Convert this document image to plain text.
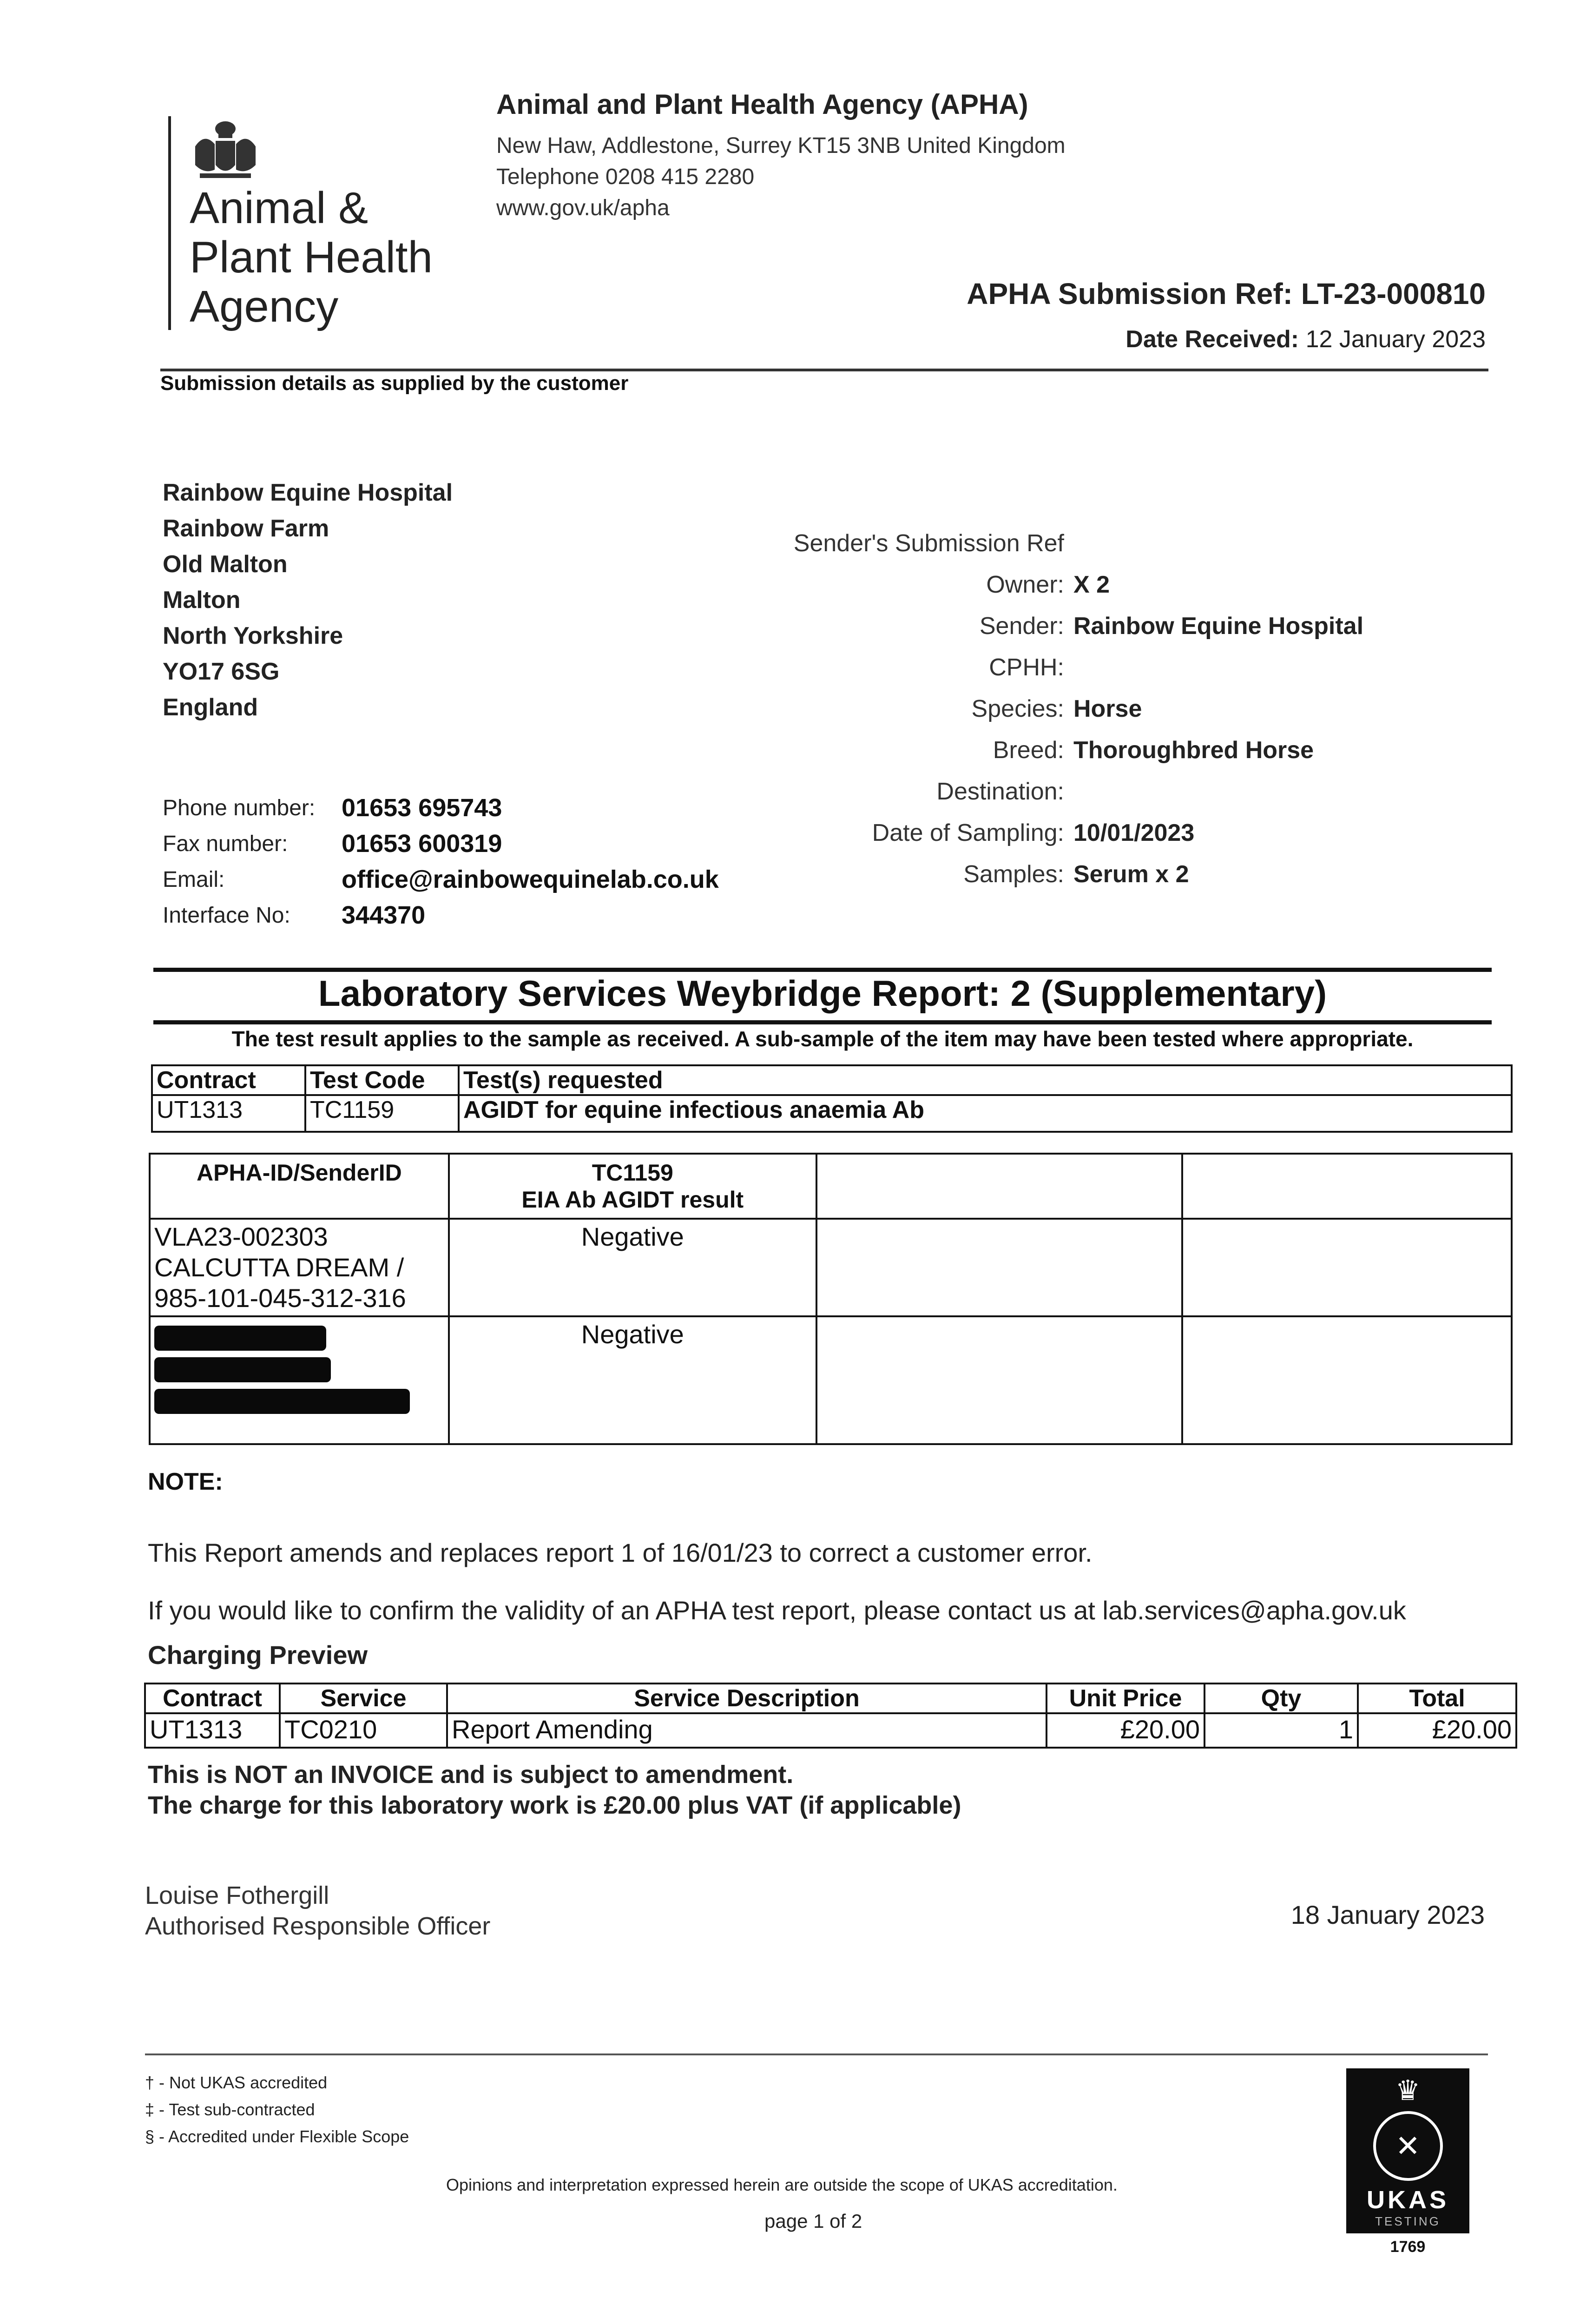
Animal &
Plant Health
Agency
Animal and Plant Health Agency (APHA)
New Haw, Addlestone, Surrey KT15 3NB United Kingdom
Telephone 0208 415 2280
www.gov.uk/apha
APHA Submission Ref: LT-23-000810
Date Received: 12 January 2023
Submission details as supplied by the customer
Rainbow Equine Hospital
Rainbow Farm
Old Malton
Malton
North Yorkshire
YO17 6SG
England
Phone number:	01653 695743
Fax number:	01653 600319
Email:	office@rainbowequinelab.co.uk
Interface No:	344370
Sender's Submission Ref
Owner: X 2
Sender: Rainbow Equine Hospital
CPHH:
Species: Horse
Breed: Thoroughbred Horse
Destination:
Date of Sampling: 10/01/2023
Samples: Serum x 2
Laboratory Services Weybridge Report: 2 (Supplementary)
The test result applies to the sample as received. A sub-sample of the item may have been tested where appropriate.
Contract	Test Code	Test(s) requested
UT1313	TC1159	AGIDT for equine infectious anaemia Ab
APHA-ID/SenderID	TC1159
EIA Ab AGIDT result		

VLA23-002303
CALCUTTA DREAM /
985-101-045-312-316	Negative		

	Negative		
NOTE:
This Report amends and replaces report 1 of 16/01/23 to correct a customer error.
If you would like to confirm the validity of an APHA test report, please contact us at lab.services@apha.gov.uk
Charging Preview
Contract	Service	Service Description	Unit Price	Qty	Total
UT1313	TC0210	Report Amending	£20.00	1	£20.00
This is NOT an INVOICE and is subject to amendment.
The charge for this laboratory work is £20.00 plus VAT (if applicable)
Louise Fothergill
Authorised Responsible Officer	18 January 2023
† - Not UKAS accredited
‡ - Test sub-contracted
§ - Accredited under Flexible Scope
Opinions and interpretation expressed herein are outside the scope of UKAS accreditation.
page 1 of 2
♛
✕
UKAS
TESTING
1769
